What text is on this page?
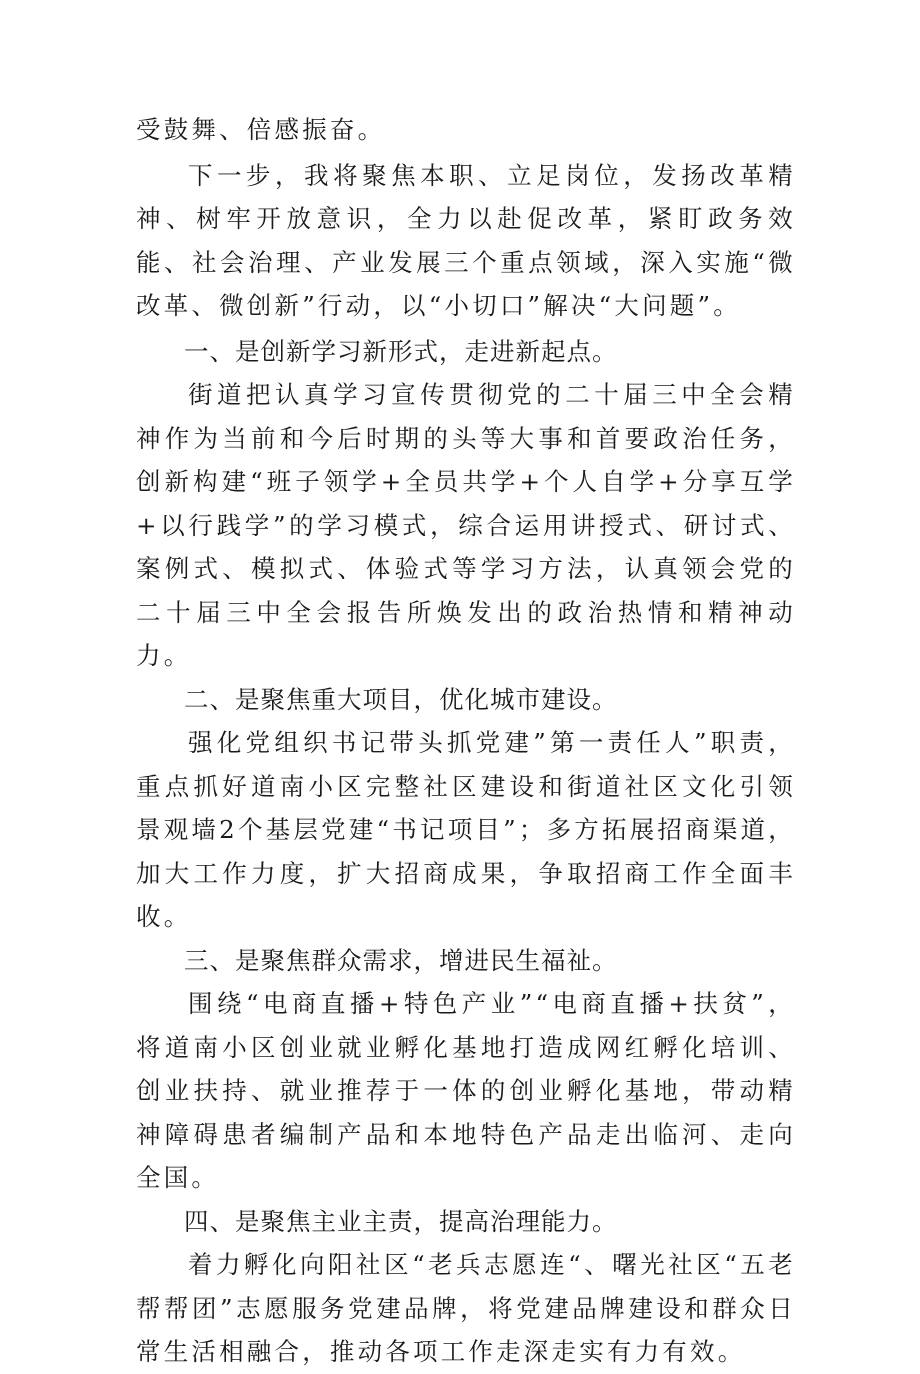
受鼓舞、倍感振奋。

下一步，我将聚焦本职、立足岗位，发扬改革精神、树牢开放意识，全力以赴促改革，紧盯政务效能、社会治理、产业发展三个重点领域，深入实施“微改革、微创新”行动，以“小切口”解决“大问题”。

一、是创新学习新形式，走进新起点。

街道把认真学习宣传贯彻党的二十届三中全会精神作为当前和今后时期的头等大事和首要政治任务，创新构建“班子领学+全员共学+个人自学+分享互学+以行践学”的学习模式，综合运用讲授式、研讨式、案例式、模拟式、体验式等学习方法，认真领会党的二十届三中全会报告所焕发出的政治热情和精神动力。

二、是聚焦重大项目，优化城市建设。

强化党组织书记带头抓党建”第一责任人”职责，重点抓好道南小区完整社区建设和街道社区文化引领景观墙2个基层党建“书记项目”；多方拓展招商渠道，加大工作力度，扩大招商成果，争取招商工作全面丰收。

三、是聚焦群众需求，增进民生福祉。

围绕“电商直播+特色产业”“电商直播+扶贫”，将道南小区创业就业孵化基地打造成网红孵化培训、创业扶持、就业推荐于一体的创业孵化基地，带动精神障碍患者编制产品和本地特色产品走出临河、走向全国。

四、是聚焦主业主责，提高治理能力。

着力孵化向阳社区“老兵志愿连“、曙光社区“五老帮帮团”志愿服务党建品牌，将党建品牌建设和群众日常生活相融合，推动各项工作走深走实有力有效。
